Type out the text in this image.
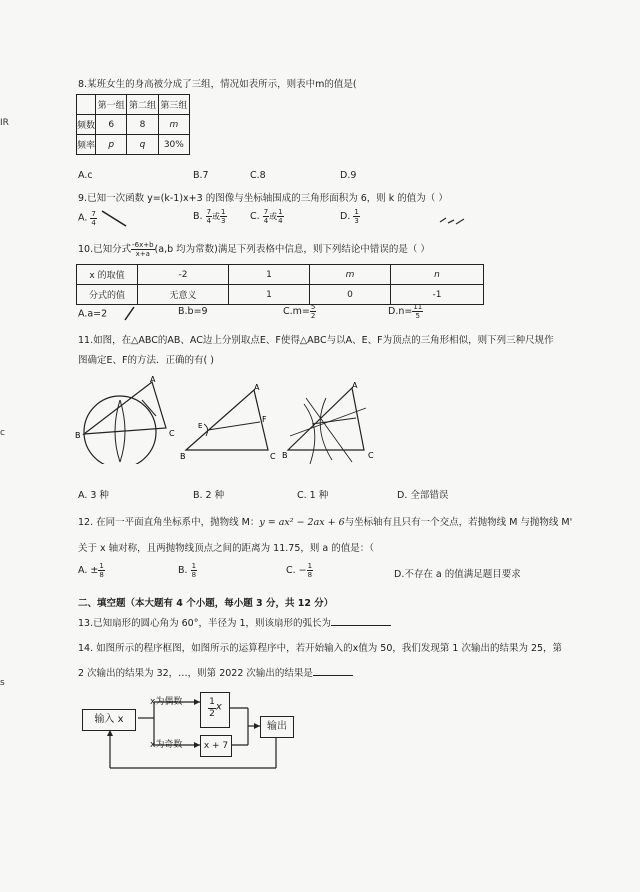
IR
c
s
8.某班女生的身高被分成了三组，情况如表所示，则表中m的值是(
	第一组	第二组	第三组
频数	6	8	m
频率	p	q	30%
A.c	B.7	C.8	D.9
9.已知一次函数 y=(k-1)x+3 的图像与坐标轴围成的三角形面积为 6，则 k 的值为（ ）
A. $\frac{7}{4}$
	B. $\frac{7}{4}$ 或 $\frac{1}{3} C$. $\frac{7}{4}$ 或 $\frac{1}{4}$	D. $\frac{1}{3}$
10.已知分式 $\frac{-6x+b}{x+a} (a,b$ 均为常数)满足下列表格中信息，则下列结论中错误的是（ ）
x 的取值	-2	1	m	n
分式的值	无意义	1	0	-1
A.a=2	B.b=9	$C.m= \frac{5}{2}$	$D.n= \frac{11}{5}$
11.如图，在△ABC的AB、AC边上分别取点E、F使得△ABC与以A、E、F为顶点的三角形相似，则下列三种尺规作
图确定E、F的方法．正确的有( )
A
B	C
A
E
F
B	C
A
B	C
A. 3 种	B. 2 种	C. 1 种	D. 全部错误
12. 在同一平面直角坐标系中，抛物线 M：y = ax² − 2ax + 6与坐标轴有且只有一个交点，若抛物线 M 与抛物线 M'
关于 x 轴对称，且两抛物线顶点之间的距离为 11.75，则 a 的值是：（
A. ± $\frac{1}{8}$	B. $\frac{1}{8}$	C. − $\frac{1}{8}$	D.不存在 a 的值满足题目要求
二、填空题（本大题有 4 个小题，每小题 3 分，共 12 分）
13.已知扇形的圆心角为 60°，半径为 1，则该扇形的弧长为
14. 如图所示的程序框图，如图所示的运算程序中，若开始输入的x值为 50，我们发现第 1 次输出的结果为 25，第
2 次输出的结果为 32，…，则第 2022 次输出的结果是
x为偶数
x为奇数
输入 x	$\frac{1}{2}$ x
x + 7
输出
